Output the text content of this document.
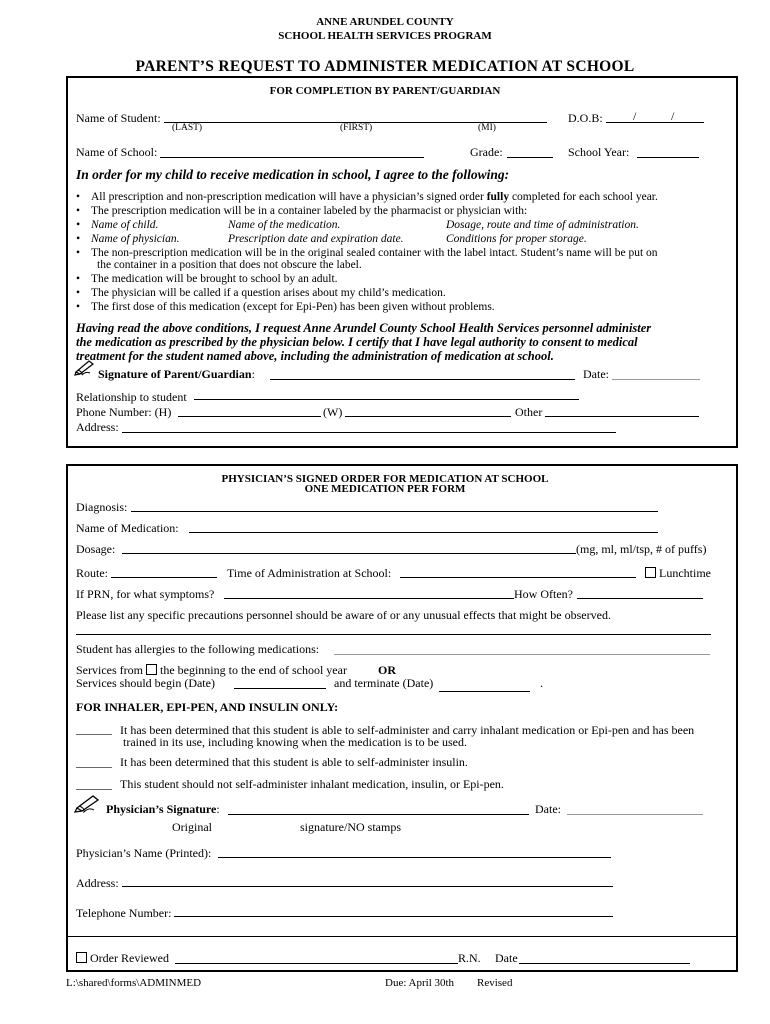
ANNE ARUNDEL COUNTY
SCHOOL HEALTH SERVICES PROGRAM
PARENT’S REQUEST TO ADMINISTER MEDICATION AT SCHOOL
FOR COMPLETION BY PARENT/GUARDIAN
Name of Student:
(LAST)	(FIRST)	(MI)
D.O.B:	/	/
Name of School:	Grade:	School Year:
In order for my child to receive medication in school, I agree to the following:
• All prescription and non-prescription medication will have a physician’s signed order fully completed for each school year.
• The prescription medication will be in a container labeled by the pharmacist or physician with:
• Name of child.	Name of the medication.	Dosage, route and time of administration.
• Name of physician.	Prescription date and expiration date.	Conditions for proper storage.
• The non-prescription medication will be in the original sealed container with the label intact. Student’s name will be put on
the container in a position that does not obscure the label.
• The medication will be brought to school by an adult.
• The physician will be called if a question arises about my child’s medication.
• The first dose of this medication (except for Epi-Pen) has been given without problems.
Having read the above conditions, I request Anne Arundel County School Health Services personnel administer
the medication as prescribed by the physician below. I certify that I have legal authority to consent to medical
treatment for the student named above, including the administration of medication at school.
Signature of Parent/Guardian:	Date:
Relationship to student
Phone Number: (H)	(W)	Other
Address:
PHYSICIAN’S SIGNED ORDER FOR MEDICATION AT SCHOOL
ONE MEDICATION PER FORM
Diagnosis:
Name of Medication:
Dosage:	(mg, ml, ml/tsp, # of puffs)
Route:	Time of Administration at School:	Lunchtime
If PRN, for what symptoms?	How Often?
Please list any specific precautions personnel should be aware of or any unusual effects that might be observed.
Student has allergies to the following medications:
Services from the beginning to the end of school year	OR
Services should begin (Date)	and terminate (Date)	.
FOR INHALER, EPI-PEN, AND INSULIN ONLY:
______ It has been determined that this student is able to self-administer and carry inhalant medication or Epi-pen and has been
trained in its use, including knowing when the medication is to be used.
______ It has been determined that this student is able to self-administer insulin.
______ This student should not self-administer inhalant medication, insulin, or Epi-pen.
Physician’s Signature:	Date:
Original	signature/NO stamps
Physician’s Name (Printed):
Address:
Telephone Number:
Order Reviewed	R.N. Date
L:\shared\forms\ADMINMED	Due: April 30th Revised
